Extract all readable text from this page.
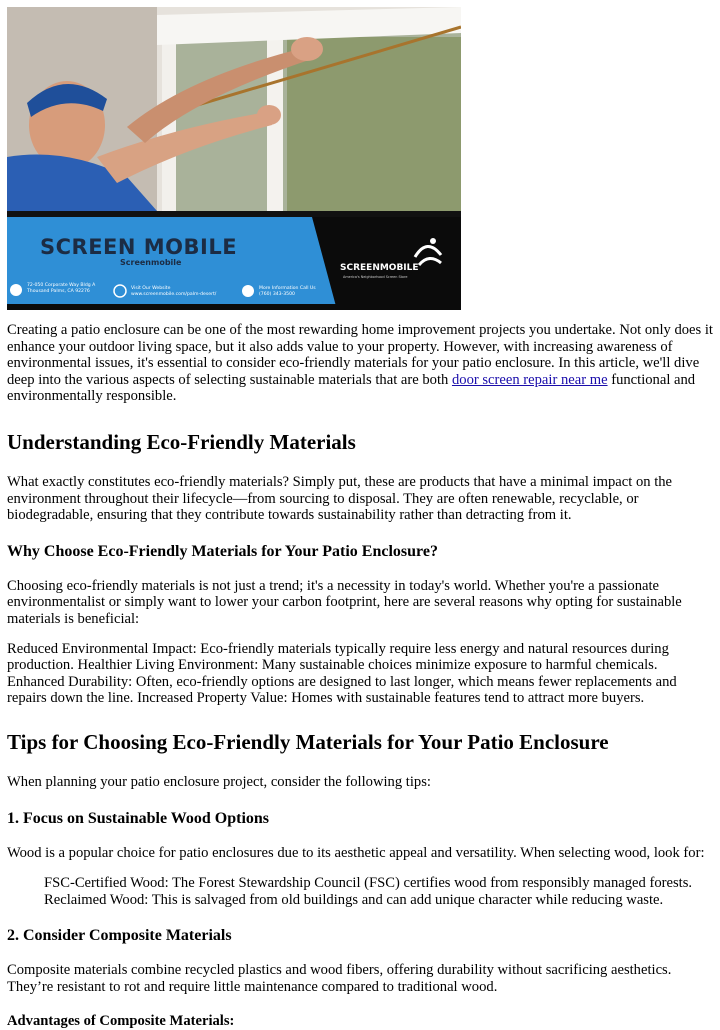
SCREEN MOBILE
Screenmobile
72-050 Corporate Way Bldg A
Thousand Palms, CA 92276
Visit Our Website
www.screenmobile.com/palm-desert/
More Information Call Us
(760) 343-3500
SCREENMOBILE
America's Neighborhood Screen Store

Creating a patio enclosure can be one of the most rewarding home improvement projects you undertake. Not only does it enhance your outdoor living space, but it also adds value to your property. However, with increasing awareness of environmental issues, it's essential to consider eco-friendly materials for your patio enclosure. In this article, we'll dive deep into the various aspects of selecting sustainable materials that are both door screen repair near me functional and environmentally responsible.

Understanding Eco-Friendly Materials

What exactly constitutes eco-friendly materials? Simply put, these are products that have a minimal impact on the environment throughout their lifecycle—from sourcing to disposal. They are often renewable, recyclable, or biodegradable, ensuring that they contribute towards sustainability rather than detracting from it.

Why Choose Eco-Friendly Materials for Your Patio Enclosure?

Choosing eco-friendly materials is not just a trend; it's a necessity in today's world. Whether you're a passionate environmentalist or simply want to lower your carbon footprint, here are several reasons why opting for sustainable materials is beneficial:

Reduced Environmental Impact: Eco-friendly materials typically require less energy and natural resources during production. Healthier Living Environment: Many sustainable choices minimize exposure to harmful chemicals. Enhanced Durability: Often, eco-friendly options are designed to last longer, which means fewer replacements and repairs down the line. Increased Property Value: Homes with sustainable features tend to attract more buyers.

Tips for Choosing Eco-Friendly Materials for Your Patio Enclosure

When planning your patio enclosure project, consider the following tips:

1. Focus on Sustainable Wood Options

Wood is a popular choice for patio enclosures due to its aesthetic appeal and versatility. When selecting wood, look for:

FSC-Certified Wood: The Forest Stewardship Council (FSC) certifies wood from responsibly managed forests.
Reclaimed Wood: This is salvaged from old buildings and can add unique character while reducing waste.
2. Consider Composite Materials

Composite materials combine recycled plastics and wood fibers, offering durability without sacrificing aesthetics. They’re resistant to rot and require little maintenance compared to traditional wood.

Advantages of Composite Materials:
